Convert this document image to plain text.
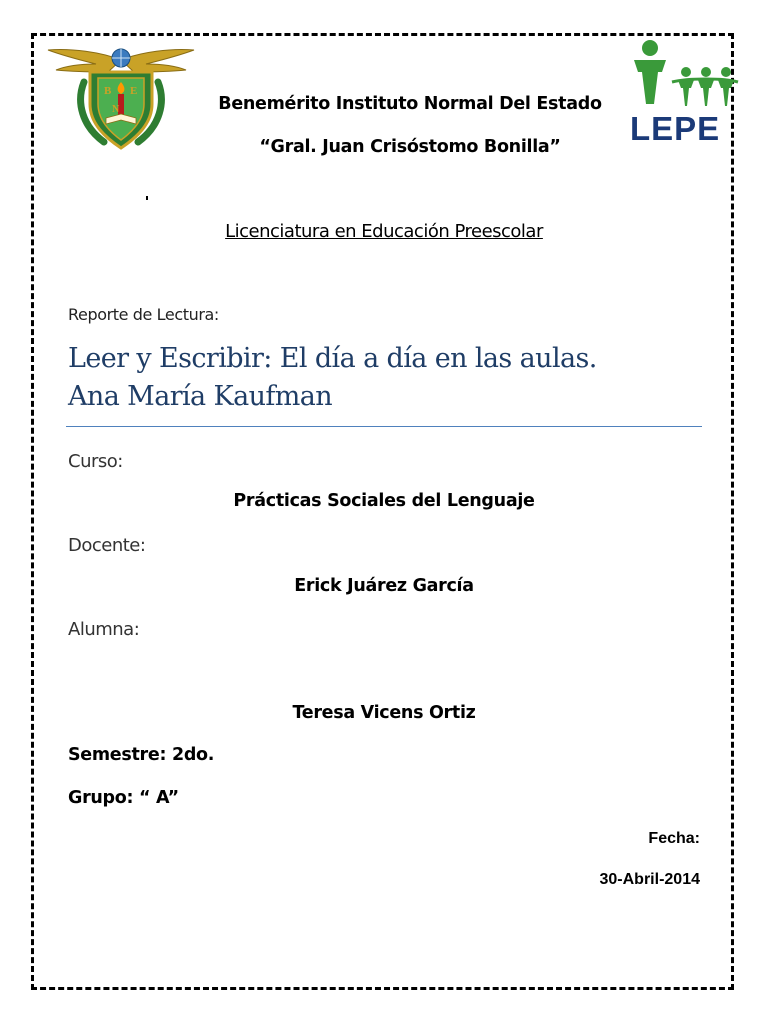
B E
N
LEPE
Benemérito Instituto Normal Del Estado
“Gral. Juan Crisóstomo Bonilla”
Licenciatura en Educación Preescolar
Reporte de Lectura:
Leer y Escribir: El día a día en las aulas.
Ana María Kaufman
Curso:
Prácticas Sociales del Lenguaje
Docente:
Erick Juárez García
Alumna:
Teresa Vicens Ortiz
Semestre: 2do.
Grupo: “ A”
Fecha:
30-Abril-2014
